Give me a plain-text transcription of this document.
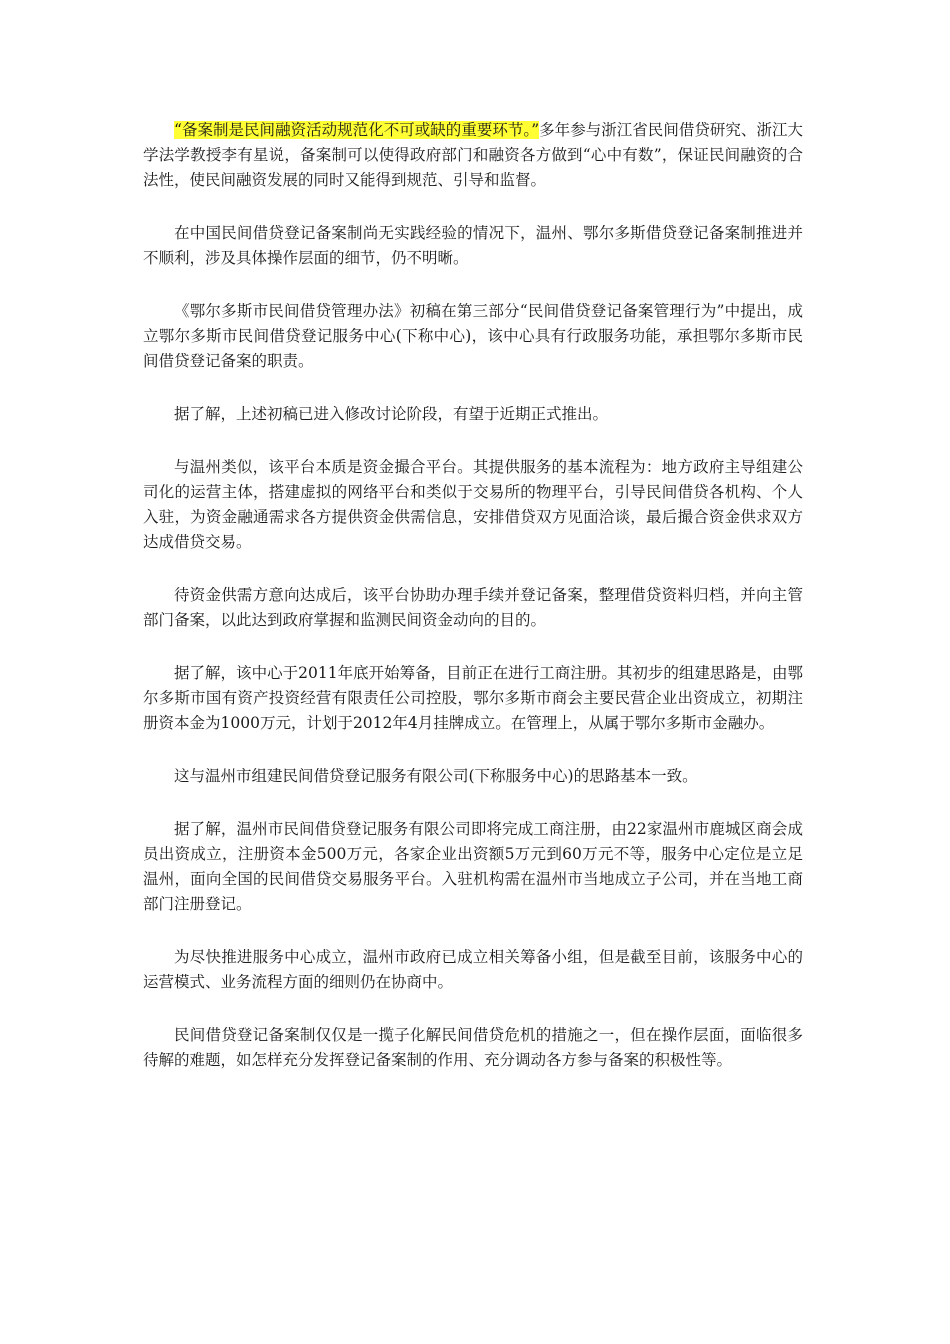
“备案制是民间融资活动规范化不可或缺的重要环节。”多年参与浙江省民间借贷研究、浙江大学法学教授李有星说，备案制可以使得政府部门和融资各方做到“心中有数”，保证民间融资的合法性，使民间融资发展的同时又能得到规范、引导和监督。

在中国民间借贷登记备案制尚无实践经验的情况下，温州、鄂尔多斯借贷登记备案制推进并不顺利，涉及具体操作层面的细节，仍不明晰。

《鄂尔多斯市民间借贷管理办法》初稿在第三部分“民间借贷登记备案管理行为”中提出，成立鄂尔多斯市民间借贷登记服务中心(下称中心)，该中心具有行政服务功能，承担鄂尔多斯市民间借贷登记备案的职责。

据了解，上述初稿已进入修改讨论阶段，有望于近期正式推出。

与温州类似，该平台本质是资金撮合平台。其提供服务的基本流程为：地方政府主导组建公司化的运营主体，搭建虚拟的网络平台和类似于交易所的物理平台，引导民间借贷各机构、个人入驻，为资金融通需求各方提供资金供需信息，安排借贷双方见面洽谈，最后撮合资金供求双方达成借贷交易。

待资金供需方意向达成后，该平台协助办理手续并登记备案，整理借贷资料归档，并向主管部门备案，以此达到政府掌握和监测民间资金动向的目的。

据了解，该中心于2011年底开始筹备，目前正在进行工商注册。其初步的组建思路是，由鄂尔多斯市国有资产投资经营有限责任公司控股，鄂尔多斯市商会主要民营企业出资成立，初期注册资本金为1000万元，计划于2012年4月挂牌成立。在管理上，从属于鄂尔多斯市金融办。

这与温州市组建民间借贷登记服务有限公司(下称服务中心)的思路基本一致。

据了解，温州市民间借贷登记服务有限公司即将完成工商注册，由22家温州市鹿城区商会成员出资成立，注册资本金500万元，各家企业出资额5万元到60万元不等，服务中心定位是立足温州，面向全国的民间借贷交易服务平台。入驻机构需在温州市当地成立子公司，并在当地工商部门注册登记。

为尽快推进服务中心成立，温州市政府已成立相关筹备小组，但是截至目前，该服务中心的运营模式、业务流程方面的细则仍在协商中。

民间借贷登记备案制仅仅是一揽子化解民间借贷危机的措施之一，但在操作层面，面临很多待解的难题，如怎样充分发挥登记备案制的作用、充分调动各方参与备案的积极性等。
